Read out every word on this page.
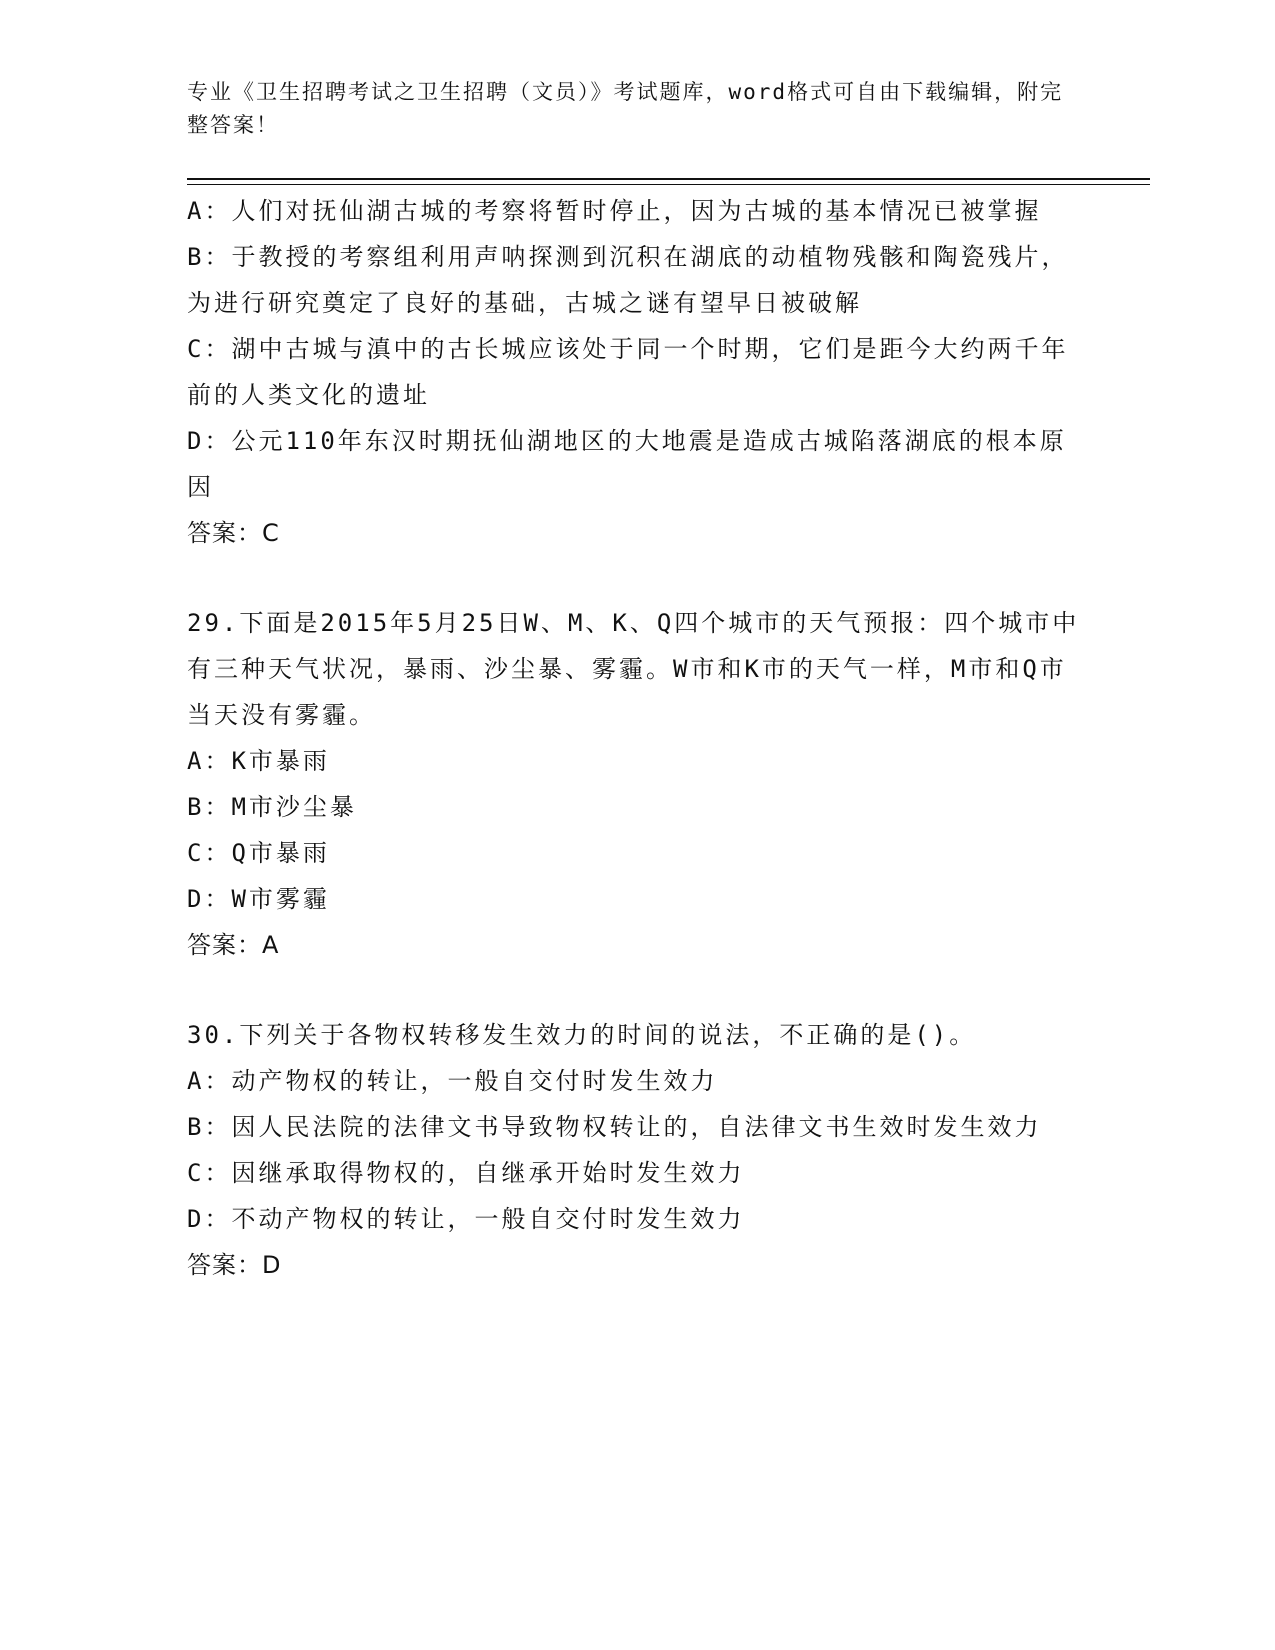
专业《卫生招聘考试之卫生招聘（文员）》考试题库，word格式可自由下载编辑，附完整答案！

A：人们对抚仙湖古城的考察将暂时停止，因为古城的基本情况已被掌握

B：于教授的考察组利用声呐探测到沉积在湖底的动植物残骸和陶瓷残片，为进行研究奠定了良好的基础，古城之谜有望早日被破解

C：湖中古城与滇中的古长城应该处于同一个时期，它们是距今大约两千年前的人类文化的遗址

D：公元110年东汉时期抚仙湖地区的大地震是造成古城陷落湖底的根本原因

答案：C

29.下面是2015年5月25日W、M、K、Q四个城市的天气预报：四个城市中有三种天气状况，暴雨、沙尘暴、雾霾。W市和K市的天气一样，M市和Q市当天没有雾霾。

A：K市暴雨

B：M市沙尘暴

C：Q市暴雨

D：W市雾霾

答案：A

30.下列关于各物权转移发生效力的时间的说法，不正确的是()。

A：动产物权的转让，一般自交付时发生效力

B：因人民法院的法律文书导致物权转让的，自法律文书生效时发生效力

C：因继承取得物权的，自继承开始时发生效力

D：不动产物权的转让，一般自交付时发生效力

答案：D
